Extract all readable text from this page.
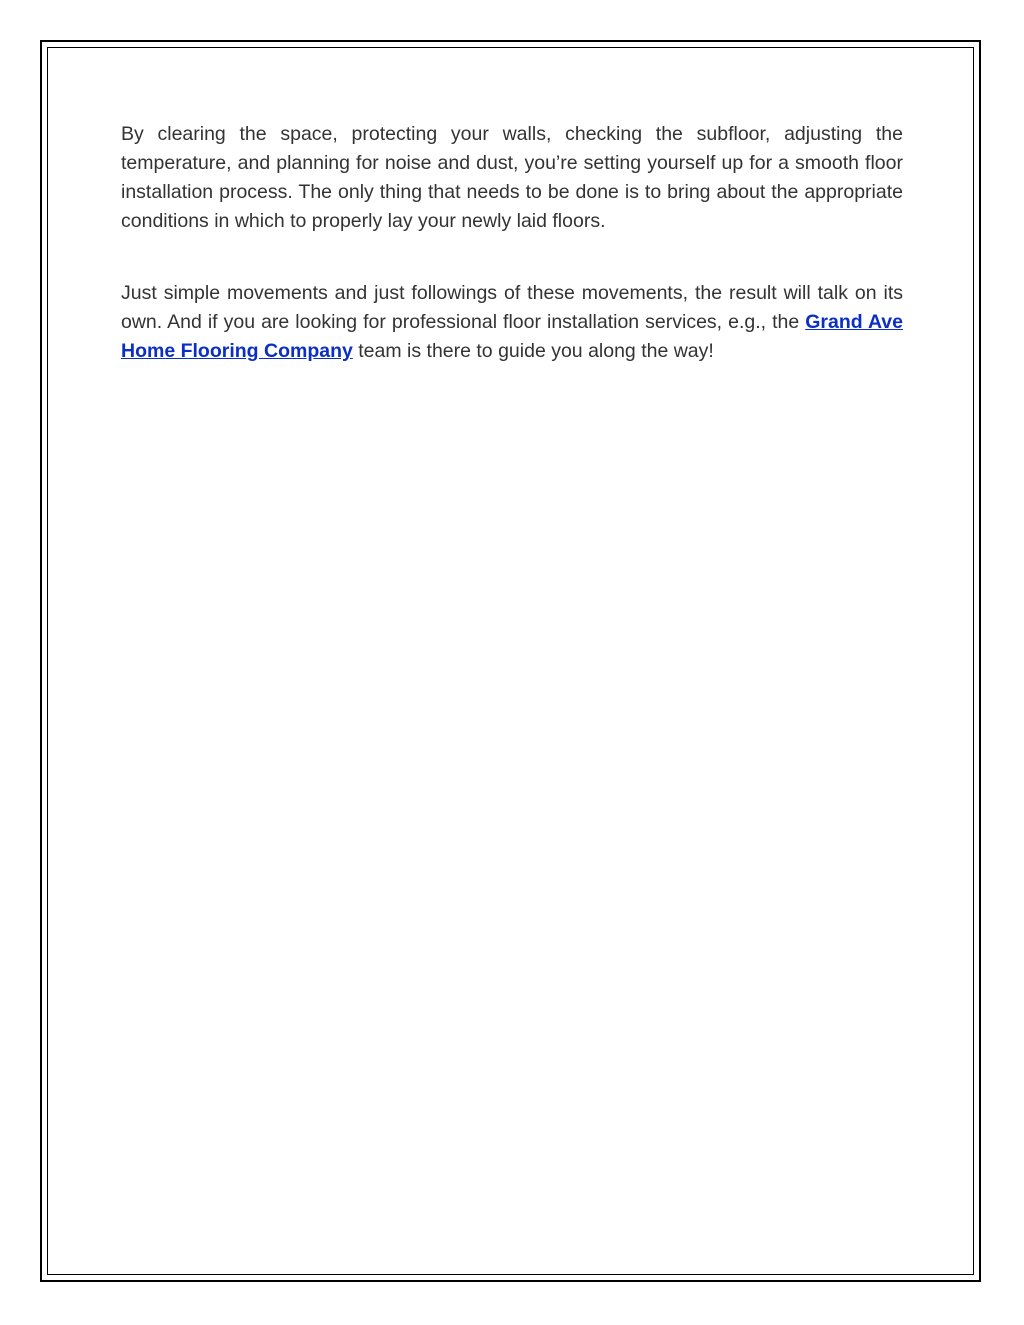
By clearing the space, protecting your walls, checking the subfloor, adjusting the temperature, and planning for noise and dust, you’re setting yourself up for a smooth floor installation process. The only thing that needs to be done is to bring about the appropriate conditions in which to properly lay your newly laid floors.

Just simple movements and just followings of these movements, the result will talk on its own. And if you are looking for professional floor installation services, e.g., the Grand Ave Home Flooring Company team is there to guide you along the way!
